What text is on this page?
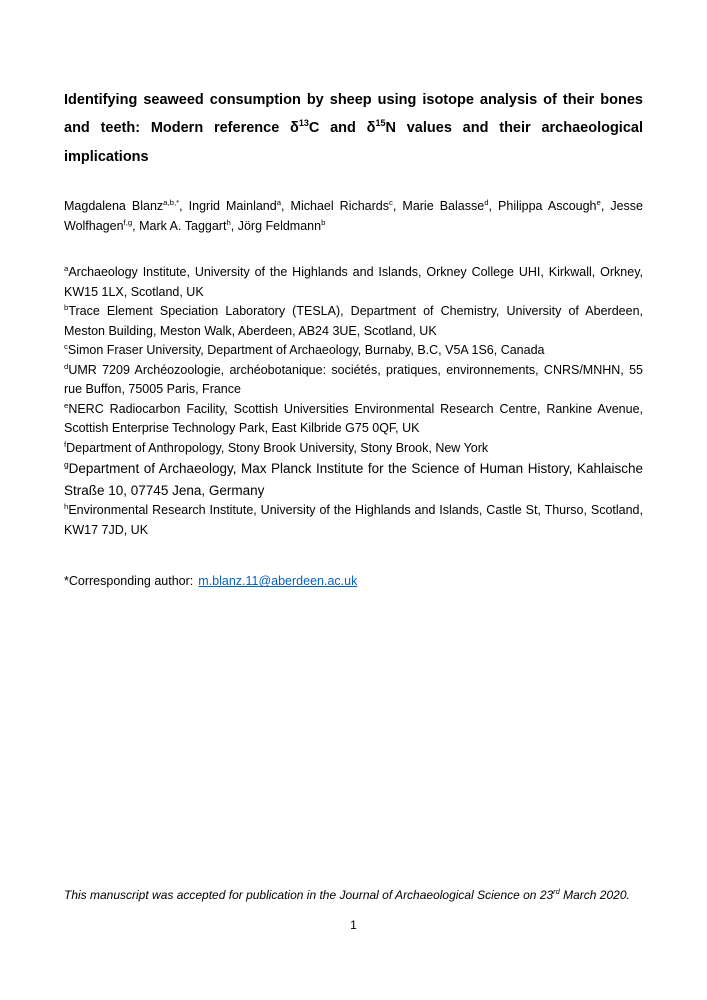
Identifying seaweed consumption by sheep using isotope analysis of their bones and teeth: Modern reference $\delta^{13}C$ and $\delta^{15}N$ values and their archaeological implications

Magdalena Blanz$^{a,b,*}$, Ingrid Mainland$^a$, Michael Richards$^c$, Marie Balasse$^d$, Philippa Ascough$^e$, Jesse Wolfhagen$^{f,g}$, Mark A. Taggart$^h$, Jörg Feldmann$^b$

$^a$Archaeology Institute, University of the Highlands and Islands, Orkney College UHI, Kirkwall, Orkney, KW15 1LX, Scotland, UK

$^b$Trace Element Speciation Laboratory (TESLA), Department of Chemistry, University of Aberdeen, Meston Building, Meston Walk, Aberdeen, AB24 3UE, Scotland, UK

$^c$Simon Fraser University, Department of Archaeology, Burnaby, B.C, V5A 1S6, Canada

$^d$UMR 7209 Archéozoologie, archéobotanique: sociétés, pratiques, environnements, CNRS/MNHN, 55 rue Buffon, 75005 Paris, France

$^e$NERC Radiocarbon Facility, Scottish Universities Environmental Research Centre, Rankine Avenue, Scottish Enterprise Technology Park, East Kilbride G75 0QF, UK

$^f$Department of Anthropology, Stony Brook University, Stony Brook, New York

$^g$Department of Archaeology, Max Planck Institute for the Science of Human History, Kahlaische Straße 10, 07745 Jena, Germany

$^h$Environmental Research Institute, University of the Highlands and Islands, Castle St, Thurso, Scotland, KW17 7JD, UK

*Corresponding author: m.blanz.11@aberdeen.ac.uk

This manuscript was accepted for publication in the Journal of Archaeological Science on 23rd March 2020.

1
